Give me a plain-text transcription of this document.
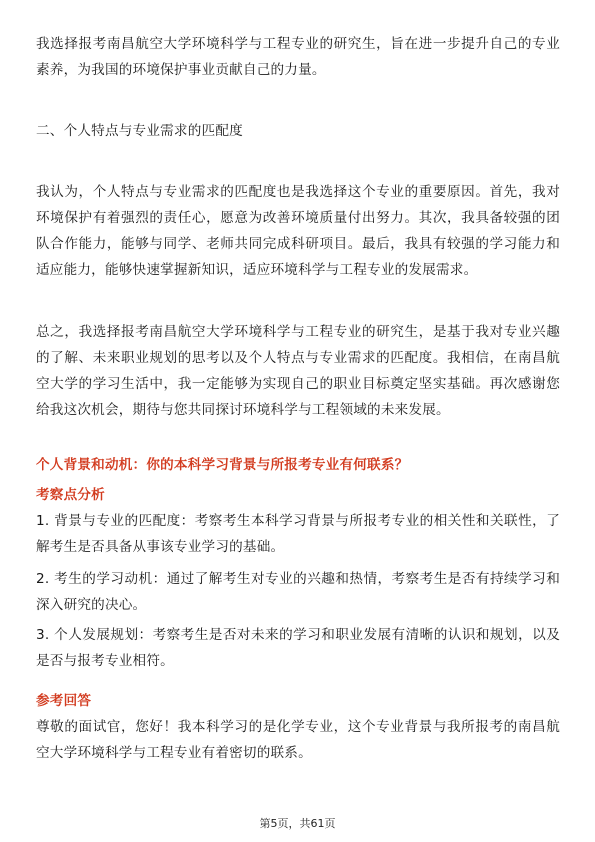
我选择报考南昌航空大学环境科学与工程专业的研究生，旨在进一步提升自己的专业素养，为我国的环境保护事业贡献自己的力量。

二、个人特点与专业需求的匹配度

我认为，个人特点与专业需求的匹配度也是我选择这个专业的重要原因。首先，我对环境保护有着强烈的责任心，愿意为改善环境质量付出努力。其次，我具备较强的团队合作能力，能够与同学、老师共同完成科研项目。最后，我具有较强的学习能力和适应能力，能够快速掌握新知识，适应环境科学与工程专业的发展需求。

总之，我选择报考南昌航空大学环境科学与工程专业的研究生，是基于我对专业兴趣的了解、未来职业规划的思考以及个人特点与专业需求的匹配度。我相信，在南昌航空大学的学习生活中，我一定能够为实现自己的职业目标奠定坚实基础。再次感谢您给我这次机会，期待与您共同探讨环境科学与工程领域的未来发展。

个人背景和动机：你的本科学习背景与所报考专业有何联系？

考察点分析

1. 背景与专业的匹配度：考察考生本科学习背景与所报考专业的相关性和关联性，了解考生是否具备从事该专业学习的基础。

2. 考生的学习动机：通过了解考生对专业的兴趣和热情，考察考生是否有持续学习和深入研究的决心。

3. 个人发展规划：考察考生是否对未来的学习和职业发展有清晰的认识和规划，以及是否与报考专业相符。

参考回答

尊敬的面试官，您好！我本科学习的是化学专业，这个专业背景与我所报考的南昌航空大学环境科学与工程专业有着密切的联系。

第5页，共61页
